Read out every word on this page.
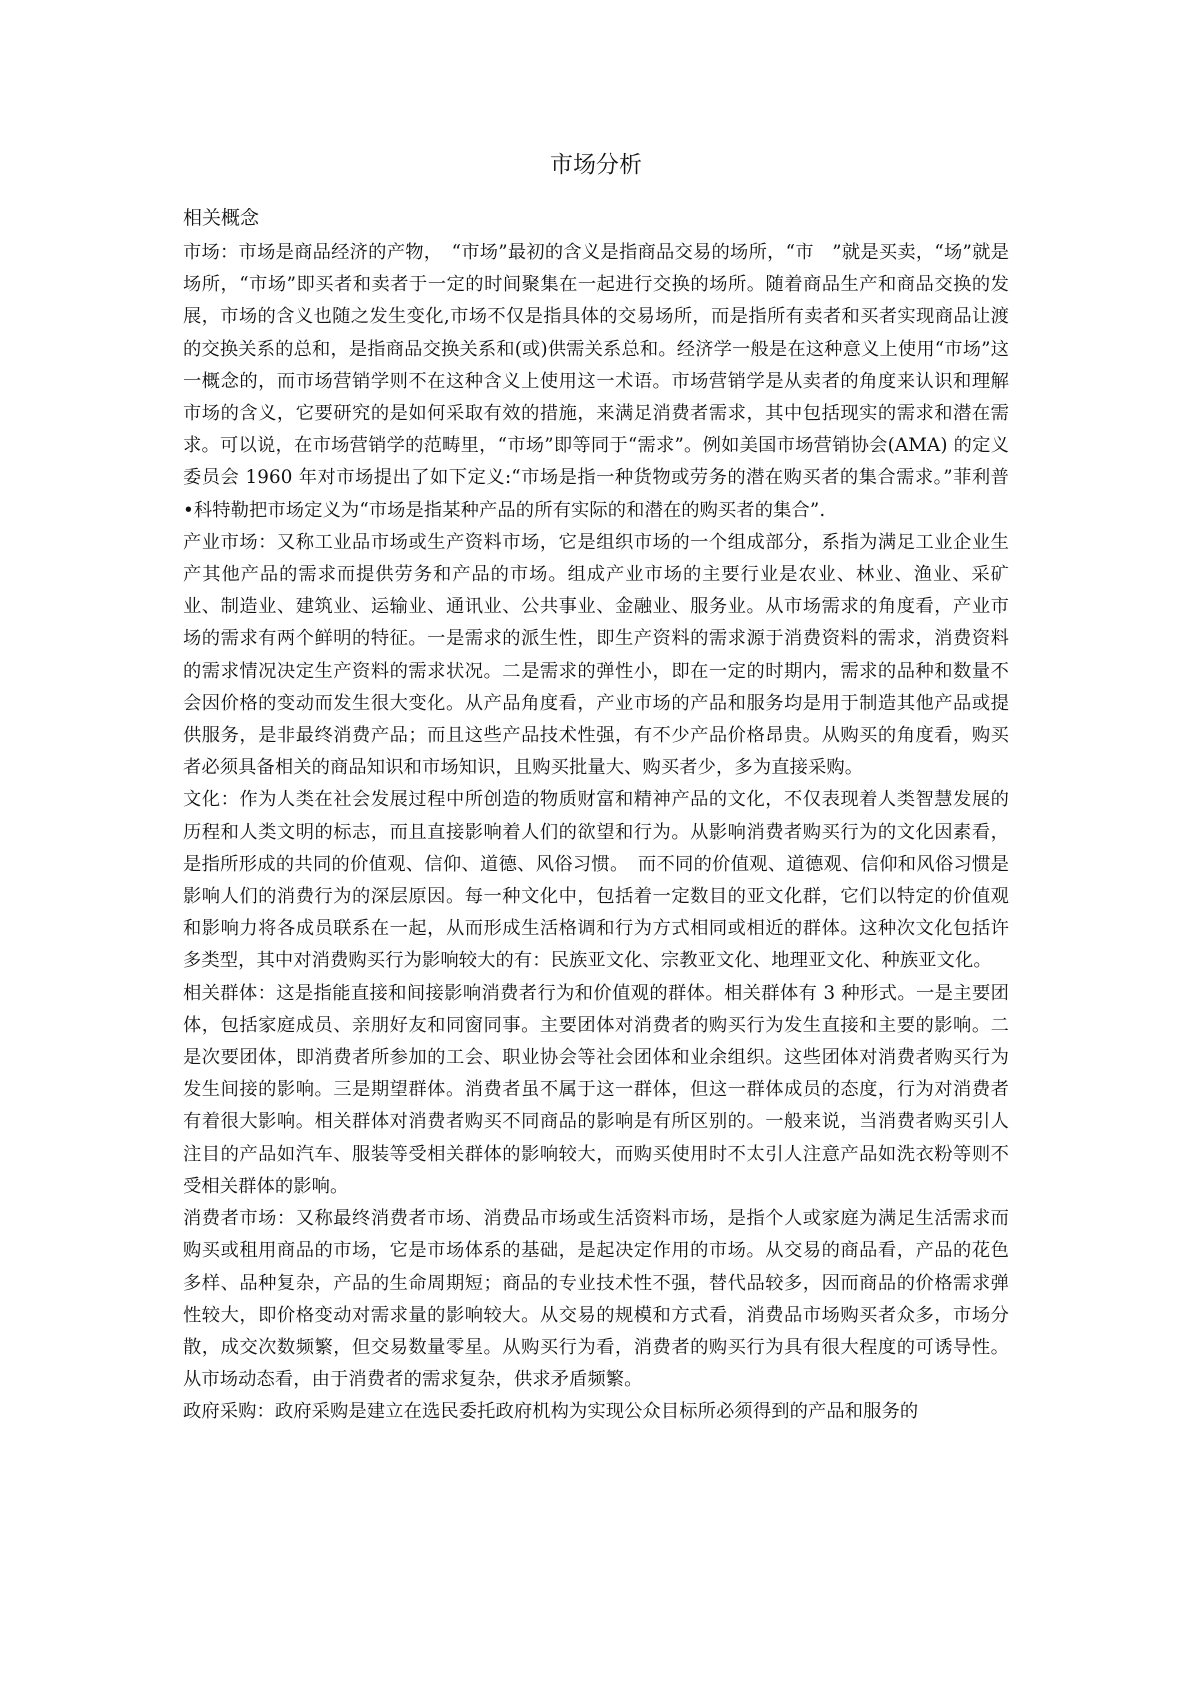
市场分析
相关概念

市场：市场是商品经济的产物，　“市场”最初的含义是指商品交易的场所，“市　”就是买卖，“场”就是场所，“市场”即买者和卖者于一定的时间聚集在一起进行交换的场所。随着商品生产和商品交换的发展，市场的含义也随之发生变化,市场不仅是指具体的交易场所，而是指所有卖者和买者实现商品让渡的交换关系的总和，是指商品交换关系和(或)供需关系总和。经济学一般是在这种意义上使用“市场”这一概念的，而市场营销学则不在这种含义上使用这一术语。市场营销学是从卖者的角度来认识和理解市场的含义，它要研究的是如何采取有效的措施，来满足消费者需求，其中包括现实的需求和潜在需求。可以说，在市场营销学的范畴里，“市场”即等同于“需求”。例如美国市场营销协会(AMA) 的定义委员会 1960 年对市场提出了如下定义:“市场是指一种货物或劳务的潜在购买者的集合需求。”菲利普 •科特勒把市场定义为“市场是指某种产品的所有实际的和潜在的购买者的集合”.

产业市场：又称工业品市场或生产资料市场，它是组织市场的一个组成部分，系指为满足工业企业生产其他产品的需求而提供劳务和产品的市场。组成产业市场的主要行业是农业、林业、渔业、采矿业、制造业、建筑业、运输业、通讯业、公共事业、金融业、服务业。从市场需求的角度看，产业市场的需求有两个鲜明的特征。一是需求的派生性，即生产资料的需求源于消费资料的需求，消费资料的需求情况决定生产资料的需求状况。二是需求的弹性小，即在一定的时期内，需求的品种和数量不会因价格的变动而发生很大变化。从产品角度看，产业市场的产品和服务均是用于制造其他产品或提供服务，是非最终消费产品；而且这些产品技术性强，有不少产品价格昂贵。从购买的角度看，购买者必须具备相关的商品知识和市场知识，且购买批量大、购买者少，多为直接采购。

文化：作为人类在社会发展过程中所创造的物质财富和精神产品的文化，不仅表现着人类智慧发展的历程和人类文明的标志，而且直接影响着人们的欲望和行为。从影响消费者购买行为的文化因素看，是指所形成的共同的价值观、信仰、道德、风俗习惯。　而不同的价值观、道德观、信仰和风俗习惯是影响人们的消费行为的深层原因。每一种文化中，包括着一定数目的亚文化群，它们以特定的价值观和影响力将各成员联系在一起，从而形成生活格调和行为方式相同或相近的群体。这种次文化包括许多类型，其中对消费购买行为影响较大的有：民族亚文化、宗教亚文化、地理亚文化、种族亚文化。

相关群体：这是指能直接和间接影响消费者行为和价值观的群体。相关群体有 3 种形式。一是主要团体，包括家庭成员、亲朋好友和同窗同事。主要团体对消费者的购买行为发生直接和主要的影响。二是次要团体，即消费者所参加的工会、职业协会等社会团体和业余组织。这些团体对消费者购买行为发生间接的影响。三是期望群体。消费者虽不属于这一群体，但这一群体成员的态度，行为对消费者有着很大影响。相关群体对消费者购买不同商品的影响是有所区别的。一般来说，当消费者购买引人注目的产品如汽车、服装等受相关群体的影响较大，而购买使用时不太引人注意产品如洗衣粉等则不受相关群体的影响。

消费者市场：又称最终消费者市场、消费品市场或生活资料市场，是指个人或家庭为满足生活需求而购买或租用商品的市场，它是市场体系的基础，是起决定作用的市场。从交易的商品看，产品的花色多样、品种复杂，产品的生命周期短；商品的专业技术性不强，替代品较多，因而商品的价格需求弹性较大，即价格变动对需求量的影响较大。从交易的规模和方式看，消费品市场购买者众多，市场分散，成交次数频繁，但交易数量零星。从购买行为看，消费者的购买行为具有很大程度的可诱导性。从市场动态看，由于消费者的需求复杂，供求矛盾频繁。

政府采购：政府采购是建立在选民委托政府机构为实现公众目标所必须得到的产品和服务的
